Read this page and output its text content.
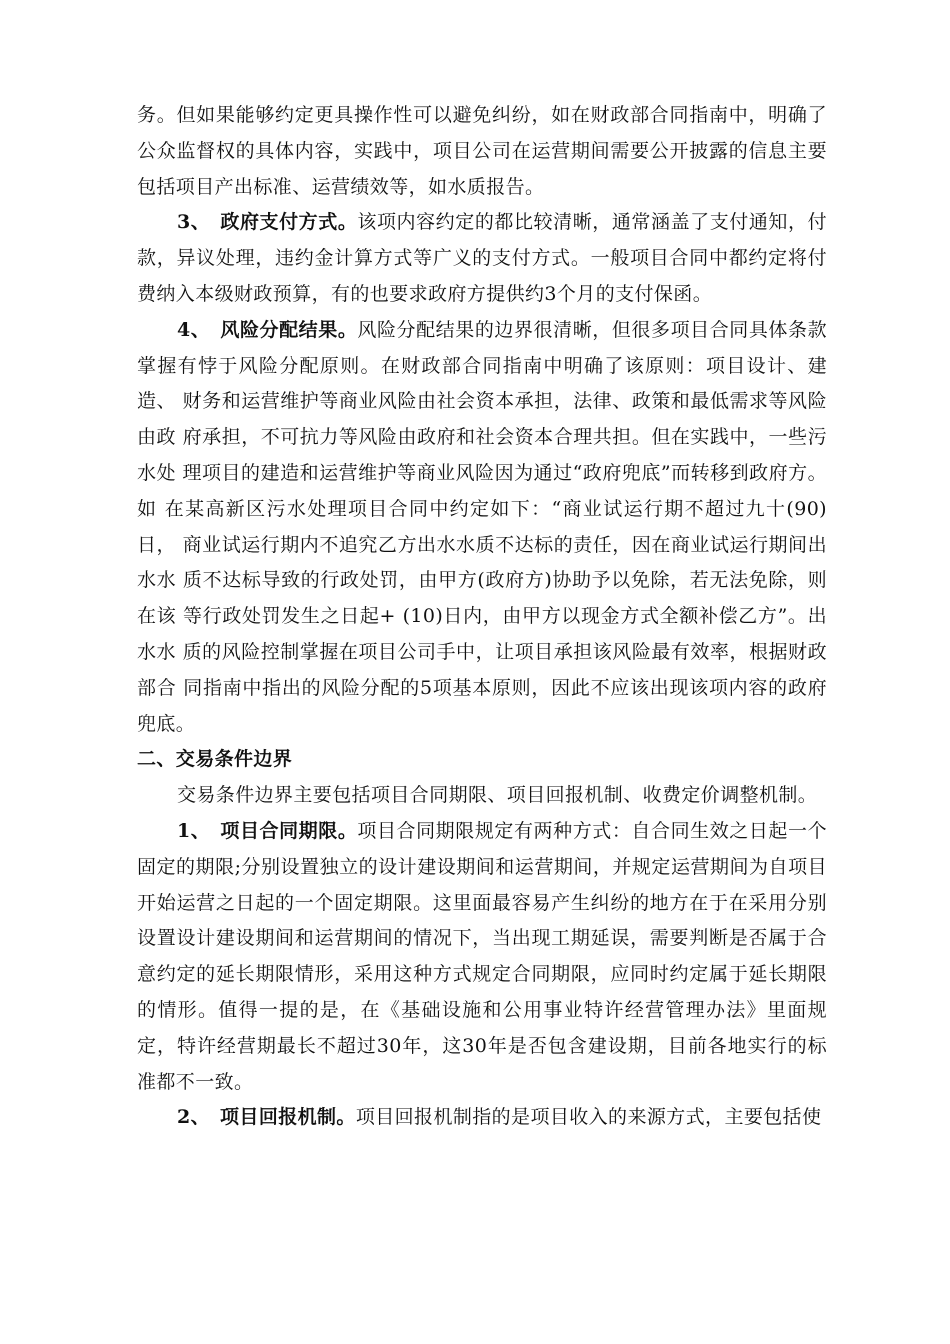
务。但如果能够约定更具操作性可以避免纠纷，如在财政部合同指南中，明确了公众监督权的具体内容，实践中，项目公司在运营期间需要公开披露的信息主要包括项目产出标准、运营绩效等，如水质报告。

3、 政府支付方式。该项内容约定的都比较清晰，通常涵盖了支付通知，付款，异议处理，违约金计算方式等广义的支付方式。一般项目合同中都约定将付费纳入本级财政预算，有的也要求政府方提供约3个月的支付保函。

4、 风险分配结果。风险分配结果的边界很清晰，但很多项目合同具体条款掌握有悖于风险分配原则。在财政部合同指南中明确了该原则：项目设计、建造、 财务和运营维护等商业风险由社会资本承担，法律、政策和最低需求等风险由政 府承担，不可抗力等风险由政府和社会资本合理共担。但在实践中，一些污水处 理项目的建造和运营维护等商业风险因为通过“政府兜底”而转移到政府方。如 在某高新区污水处理项目合同中约定如下：“商业试运行期不超过九十(90)日， 商业试运行期内不追究乙方出水水质不达标的责任，因在商业试运行期间出水水 质不达标导致的行政处罚，由甲方(政府方)协助予以免除，若无法免除，则在该 等行政处罚发生之日起+ (10)日内，由甲方以现金方式全额补偿乙方”。出水水 质的风险控制掌握在项目公司手中，让项目承担该风险最有效率，根据财政部合 同指南中指出的风险分配的5项基本原则，因此不应该出现该项内容的政府兜底。

二、交易条件边界

交易条件边界主要包括项目合同期限、项目回报机制、收费定价调整机制。

1、 项目合同期限。项目合同期限规定有两种方式：自合同生效之日起一个固定的期限;分别设置独立的设计建设期间和运营期间，并规定运营期间为自项目开始运营之日起的一个固定期限。这里面最容易产生纠纷的地方在于在采用分别设置设计建设期间和运营期间的情况下，当出现工期延误，需要判断是否属于合意约定的延长期限情形，采用这种方式规定合同期限，应同时约定属于延长期限的情形。值得一提的是，在《基础设施和公用事业特许经营管理办法》里面规定，特许经营期最长不超过30年，这30年是否包含建设期，目前各地实行的标准都不一致。

2、 项目回报机制。项目回报机制指的是项目收入的来源方式，主要包括使
